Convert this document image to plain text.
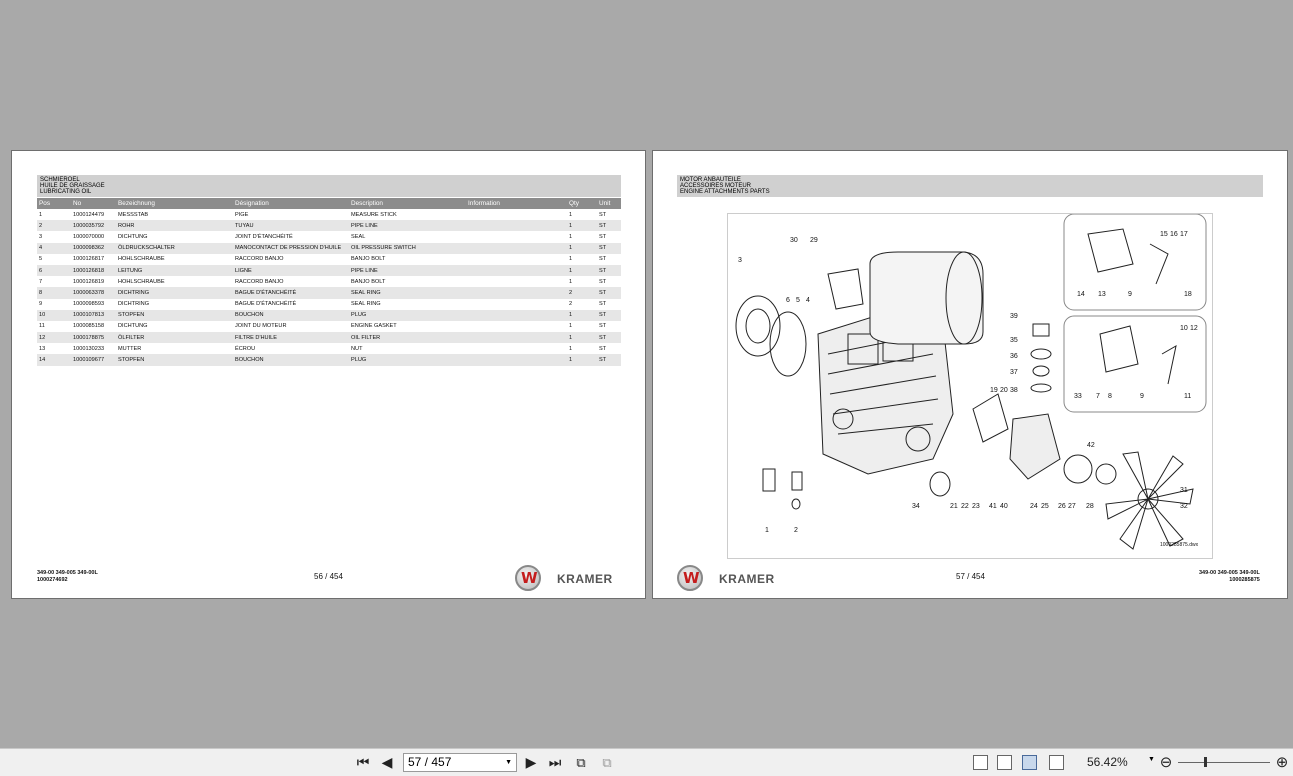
SCHMIEROEL
HUILE DE GRAISSAGE
LUBRICATING OIL
Pos	No	Bezeichnung	Désignation	Description	Information	Qty	Unit
1	1000124479	MESSSTAB	PIGE	MEASURE STICK		1	ST
2	1000035792	ROHR	TUYAU	PIPE LINE		1	ST
3	1000070000	DICHTUNG	JOINT D'ÉTANCHÉITÉ	SEAL		1	ST
4	1000098362	ÖLDRUCKSCHALTER	MANOCONTACT DE PRESSION D'HUILE	OIL PRESSURE SWITCH		1	ST
5	1000126817	HOHLSCHRAUBE	RACCORD BANJO	BANJO BOLT		1	ST
6	1000126818	LEITUNG	LIGNE	PIPE LINE		1	ST
7	1000126819	HOHLSCHRAUBE	RACCORD BANJO	BANJO BOLT		1	ST
8	1000063378	DICHTRING	BAGUE D'ÉTANCHÉITÉ	SEAL RING		2	ST
9	1000098593	DICHTRING	BAGUE D'ÉTANCHÉITÉ	SEAL RING		2	ST
10	1000107813	STOPFEN	BOUCHON	PLUG		1	ST
11	1000085158	DICHTUNG	JOINT DU MOTEUR	ENGINE GASKET		1	ST
12	1000178875	ÖLFILTER	FILTRE D'HUILE	OIL FILTER		1	ST
13	1000130233	MUTTER	ÉCROU	NUT		1	ST
14	1000109677	STOPFEN	BOUCHON	PLUG		1	ST
349-00 349-005 349-00L
1000274692	56 / 454	W KRAMER
MOTOR ANBAUTEILE
ACCESSOIRES MOTEUR
ENGINE ATTACHMENTS PARTS
3
30 29
6 5 4
15 16 17
14 13	9	18
39
35
36
37
19 20 38
10 12
33 7 8	9	11
21 22 23 41 40	24 25 26 27 28
42
31
32
34
1	2
1000285875.dwx
W KRAMER	57 / 454	349-00 349-005 349-00L
1000285875
⏮ ◀	57 / 457	▼ ▶ ⏭	⧉	⧉	56.42%	▼ ⊖	⊕
